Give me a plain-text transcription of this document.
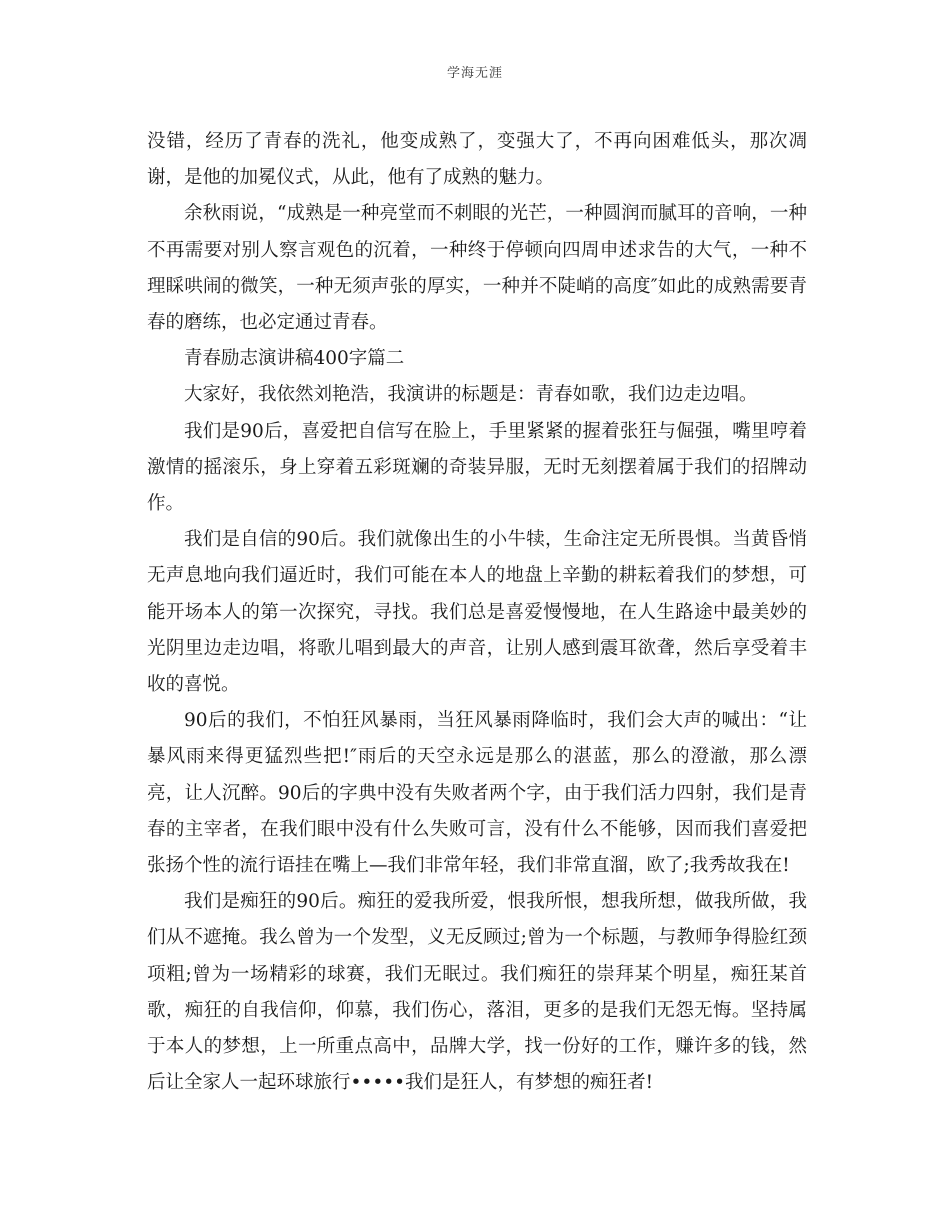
学海无涯

没错，经历了青春的洗礼，他变成熟了，变强大了，不再向困难低头，那次凋谢，是他的加冕仪式，从此，他有了成熟的魅力。

余秋雨说，“成熟是一种亮堂而不刺眼的光芒，一种圆润而腻耳的音响，一种不再需要对别人察言观色的沉着，一种终于停顿向四周申述求告的大气，一种不理睬哄闹的微笑，一种无须声张的厚实，一种并不陡峭的高度″如此的成熟需要青春的磨练，也必定通过青春。

青春励志演讲稿400字篇二

大家好，我依然刘艳浩，我演讲的标题是：青春如歌，我们边走边唱。

我们是90后，喜爱把自信写在脸上，手里紧紧的握着张狂与倔强，嘴里哼着激情的摇滚乐，身上穿着五彩斑斓的奇装异服，无时无刻摆着属于我们的招牌动作。

我们是自信的90后。我们就像出生的小牛犊，生命注定无所畏惧。当黄昏悄无声息地向我们逼近时，我们可能在本人的地盘上辛勤的耕耘着我们的梦想，可能开场本人的第一次探究，寻找。我们总是喜爱慢慢地，在人生路途中最美妙的光阴里边走边唱，将歌儿唱到最大的声音，让别人感到震耳欲聋，然后享受着丰收的喜悦。

90后的我们，不怕狂风暴雨，当狂风暴雨降临时，我们会大声的喊出：“让暴风雨来得更猛烈些把!″雨后的天空永远是那么的湛蓝，那么的澄澈，那么漂亮，让人沉醉。90后的字典中没有失败者两个字，由于我们活力四射，我们是青春的主宰者，在我们眼中没有什么失败可言，没有什么不能够，因而我们喜爱把张扬个性的流行语挂在嘴上—我们非常年轻，我们非常直溜，欧了;我秀故我在!

我们是痴狂的90后。痴狂的爱我所爱，恨我所恨，想我所想，做我所做，我们从不遮掩。我么曾为一个发型，义无反顾过;曾为一个标题，与教师争得脸红颈项粗;曾为一场精彩的球赛，我们无眠过。我们痴狂的崇拜某个明星，痴狂某首歌，痴狂的自我信仰，仰慕，我们伤心，落泪，更多的是我们无怨无悔。坚持属于本人的梦想，上一所重点高中，品牌大学，找一份好的工作，赚许多的钱，然后让全家人一起环球旅行•••••我们是狂人，有梦想的痴狂者!
